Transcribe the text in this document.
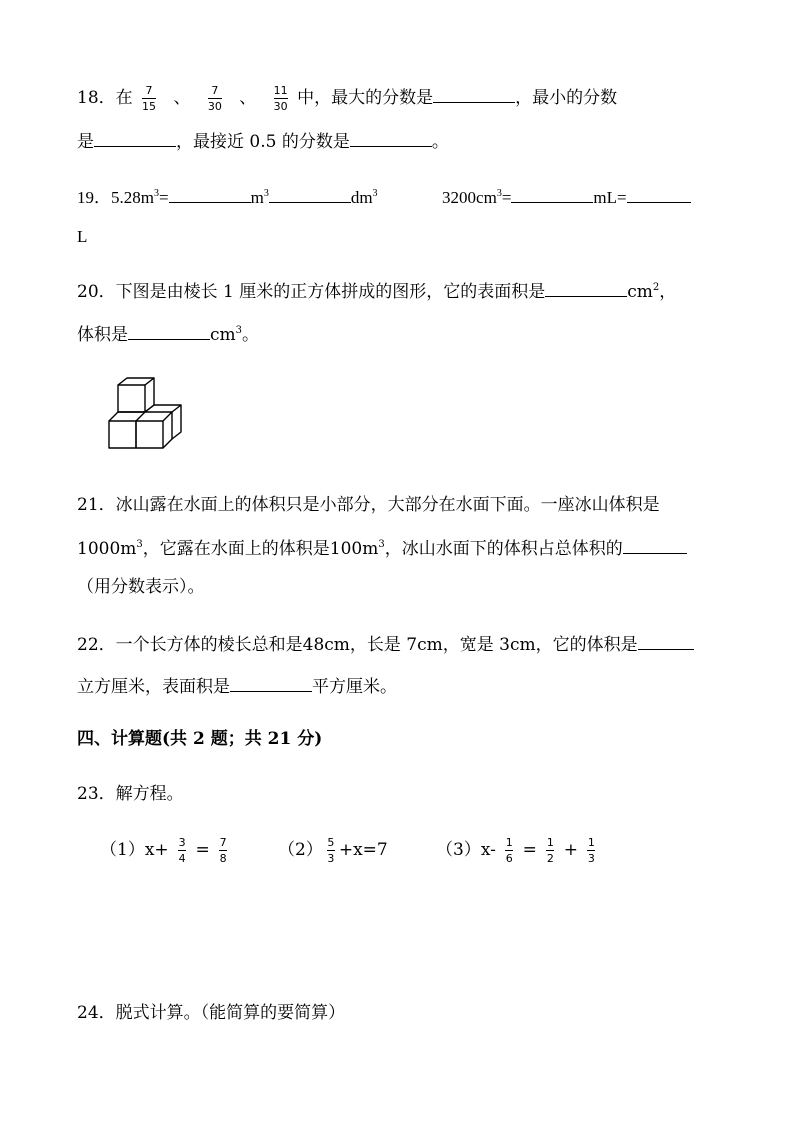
18．在 $\frac{7}{15}$ 、 $\frac{7}{30}$ 、 $\frac{11}{30}$ 中，最大的分数是	，最小的分数
是	，最接近 0.5 的分数是	。
19．$5.28m^3=$	$m^3$	$dm^3$	$3200cm^3=$	mL=
L
20．下图是由棱长 1 厘米的正方体拼成的图形，它的表面积是	$cm^2$，
体积是	$cm^3$。
21．冰山露在水面上的体积只是小部分，大部分在水面下面。一座冰山体积是
$1000m^3$，它露在水面上的体积是$100m^3$，冰山水面下的体积占总体积的
（用分数表示）。
22．一个长方体的棱长总和是48cm，长是 7cm，宽是 3cm，它的体积是
立方厘米，表面积是	平方厘米。
四、计算题(共 2 题；共 21 分)
23．解方程。
$(1)x+ \frac{3}{4} = \frac{7}{8}$	$(2) \frac{5}{3} +x=7$	$(3)x- \frac{1}{6} = \frac{1}{2} + \frac{1}{3}$
24．脱式计算。（能简算的要简算）
